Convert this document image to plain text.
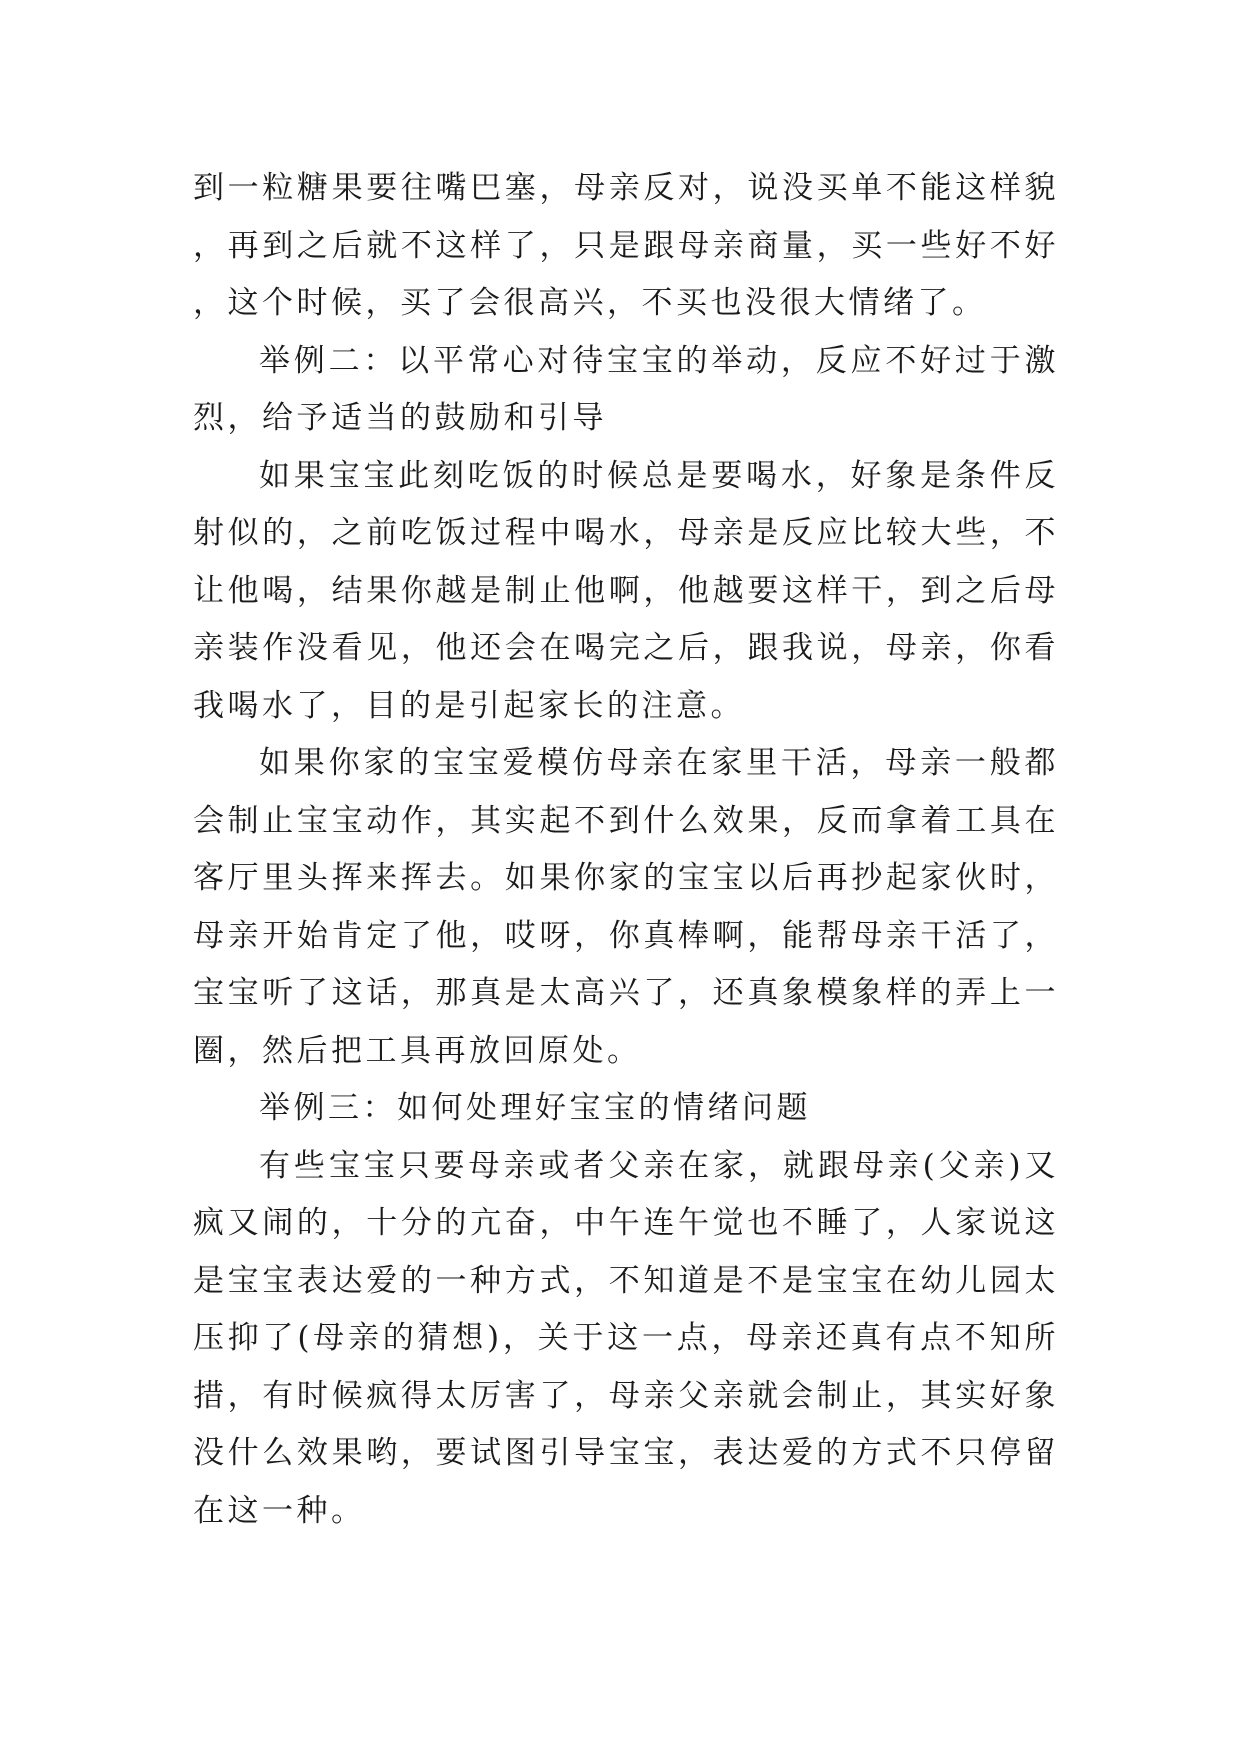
到一粒糖果要往嘴巴塞，母亲反对，说没买单不能这样貌，再到之后就不这样了，只是跟母亲商量，买一些好不好，这个时候，买了会很高兴，不买也没很大情绪了。

举例二：以平常心对待宝宝的举动，反应不好过于激烈，给予适当的鼓励和引导

如果宝宝此刻吃饭的时候总是要喝水，好象是条件反射似的，之前吃饭过程中喝水，母亲是反应比较大些，不让他喝，结果你越是制止他啊，他越要这样干，到之后母亲装作没看见，他还会在喝完之后，跟我说，母亲，你看我喝水了，目的是引起家长的注意。

如果你家的宝宝爱模仿母亲在家里干活，母亲一般都会制止宝宝动作，其实起不到什么效果，反而拿着工具在客厅里头挥来挥去。如果你家的宝宝以后再抄起家伙时，母亲开始肯定了他，哎呀，你真棒啊，能帮母亲干活了，宝宝听了这话，那真是太高兴了，还真象模象样的弄上一圈，然后把工具再放回原处。

举例三：如何处理好宝宝的情绪问题

有些宝宝只要母亲或者父亲在家，就跟母亲(父亲)又疯又闹的，十分的亢奋，中午连午觉也不睡了，人家说这是宝宝表达爱的一种方式，不知道是不是宝宝在幼儿园太压抑了(母亲的猜想)，关于这一点，母亲还真有点不知所措，有时候疯得太厉害了，母亲父亲就会制止，其实好象没什么效果哟，要试图引导宝宝，表达爱的方式不只停留在这一种。
